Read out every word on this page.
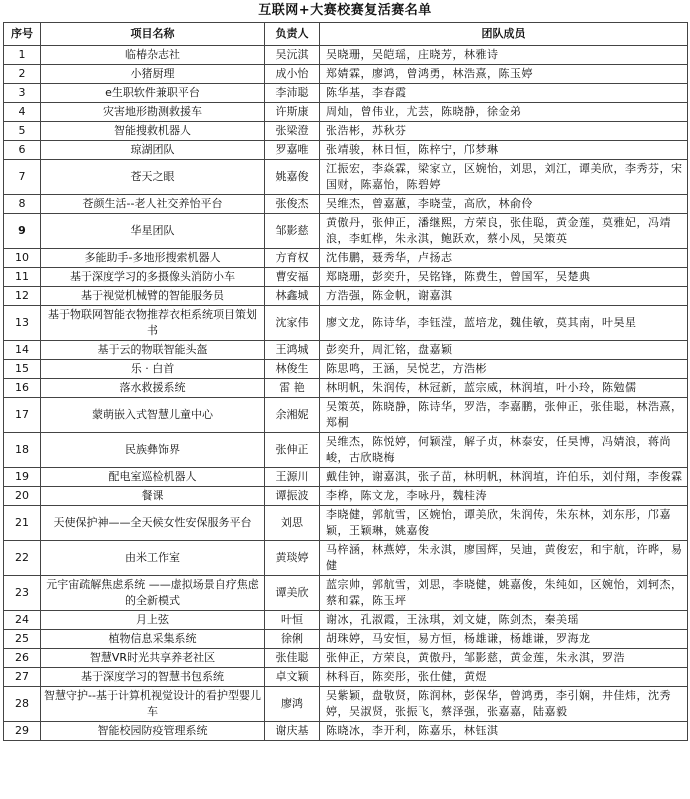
互联网+大赛校赛复活赛名单
序号	项目名称	负责人	团队成员
1	临椿杂志社	吴沅淇	吴晓珊，吴皑瑶，庄晓芳，林雅诗
2	小猪厨理	成小怡	郑婧霖，廖鸿，曾鸿勇，林浩熹，陈玉婷
3	e生职软件兼职平台	李沛聪	陈华基，李春霞
4	灾害地形勘测救援车	许斯康	周灿，曾伟业，尤芸，陈晓静，徐金弟
5	智能搜救机器人	张梁澄	张浩彬，苏秋芬
6	琼湖团队	罗嘉唯	张靖骏，林日恒，陈梓宁，邝梦琳
7	苍天之眼	姚嘉俊	江振宏，李焱霖，梁家立，区婉怡，刘思，刘江，谭美欣，李秀芬，宋国财，陈嘉怡，陈碧婷
8	苍颜生活--老人社交养怡平台	张俊杰	吴维杰，曾嘉蕙，李晓莹，高欣，林俞伶
9	华星团队	邹影慈	黄傲丹，张伸正，潘继熙，方荣良，张佳聪，黄金莲，莫雅妃，冯靖浪，李虹桦，朱永淇，鲍跃欢，蔡小凤，吴策英
10	多能助手-多地形搜索机器人	方育权	沈伟鹏，聂秀华，卢扬志
11	基于深度学习的多摄像头消防小车	曹安福	郑晓珊，彭奕升，吴铭锋，陈费生，曾国军，吴楚典
12	基于视觉机械臂的智能服务员	林鑫城	方浩强，陈金帆，谢嘉淇
13	基于物联网智能衣物推荐衣柜系统项目策划书	沈家伟	廖文龙，陈诗华，李钰滢，蓝培龙，魏佳敏，莫其南，叶昊星
14	基于云的物联智能头盔	王鸿城	彭奕升，周汇铭，盘嘉颖
15	乐 · 白首	林俊生	陈思鸣，王涵，吴悦艺，方浩彬
16	落水救援系统	雷 艳	林明帆，朱润传，林冠新，蓝宗威，林润埴，叶小玲，陈勉儒
17	蒙萌嵌入式智慧儿童中心	余湘妮	吴策英，陈晓静，陈诗华，罗浩，李嘉鹏，张伸正，张佳聪，林浩熹，郑桐
18	民族彝饰界	张伸正	吴维杰，陈悦婷，何颖滢，解子贞，林泰安，任昊博，冯婧浪，蒋尚峻，古欣晓梅
19	配电室巡检机器人	王源川	戴佳钟，谢嘉淇，张子苗，林明帆，林润埴，许伯乐，刘付翔，李俊霖
20	餐课	谭振波	李桦，陈文龙，李咏丹，魏桂涛
21	天使保护神——全天候女性安保服务平台	刘思	李晓健，郭航雪，区婉怡，谭美欣，朱润传，朱东林，刘东彤，邝嘉颖，王颖琳，姚嘉俊
22	由米工作室	黄琰婷	马梓涵，林燕婷，朱永淇，廖国辉，吴迪，黄俊宏，和宇航，许晔，易健
23	元宇宙疏解焦虑系统 ——虚拟场景自疗焦虑的全新模式	谭美欣	蓝宗帅，郭航雪，刘思，李晓健，姚嘉俊，朱纯如，区婉怡，刘轲杰，蔡和霖，陈玉坪
24	月上弦	叶恒	谢冰，孔淑霞，王泳琪，刘文婕，陈剑杰，秦美瑶
25	植物信息采集系统	徐俐	胡珠婷，马安恒，易方恒，杨雄谦，杨雄谦，罗海龙
26	智慧VR时光共享养老社区	张佳聪	张伸正，方荣良，黄傲丹，邹影慈，黄金莲，朱永淇，罗浩
27	基于深度学习的智慧书包系统	卓文颖	林科百，陈奕彤，张仕健，黄煜
28	智慧守护--基于计算机视觉设计的看护型婴儿车	廖鸿	吴紫颖，盘敬贤，陈润林，彭保华，曾鸿勇，李引娴，井佳炜，沈秀婷，吴淑贤，张振飞，蔡泽强，张嘉嘉，陆嘉毅
29	智能校园防疫管理系统	谢庆基	陈晓冰，李开利，陈嘉乐，林钰淇
